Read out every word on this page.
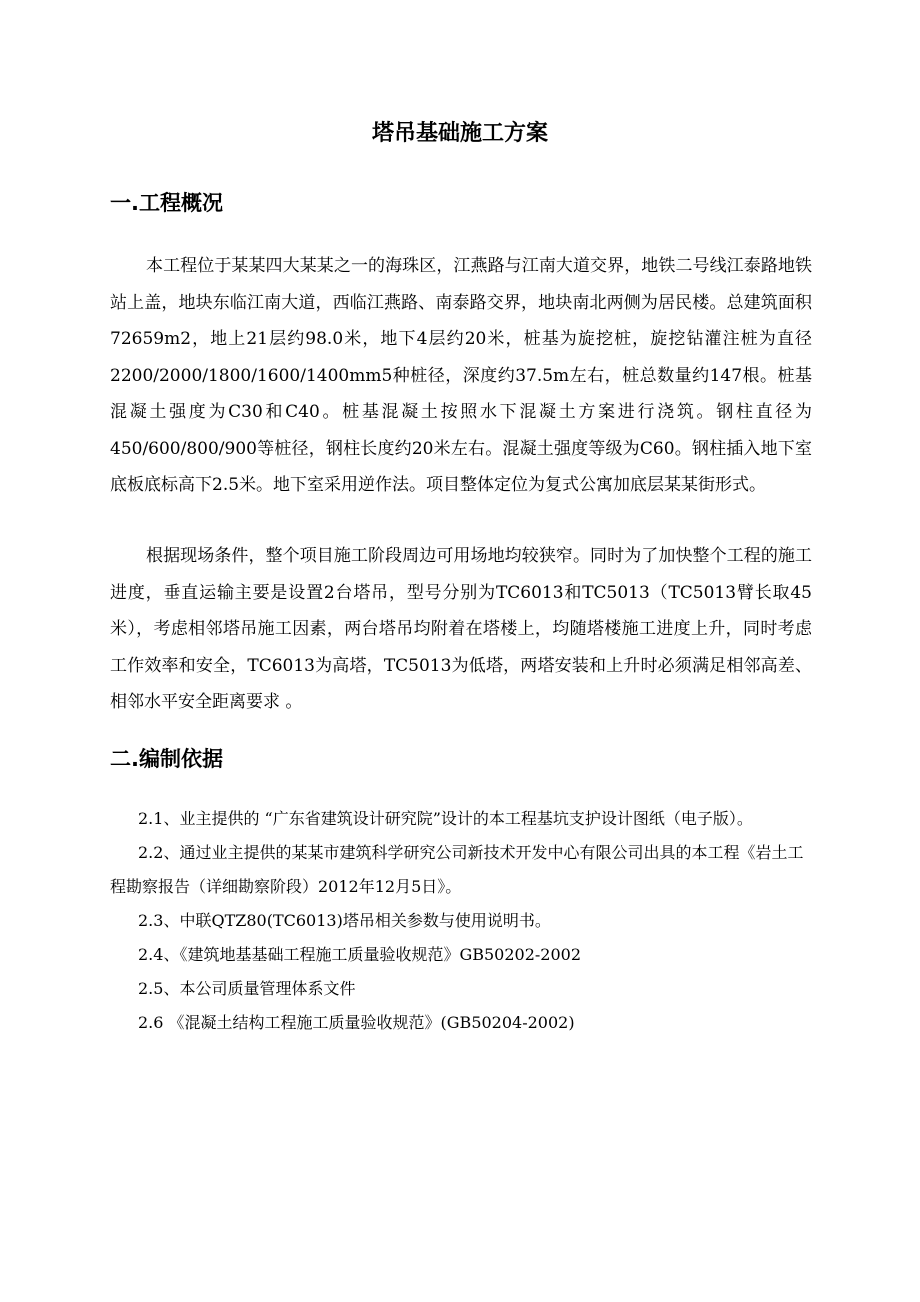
塔吊基础施工方案
一.工程概况

本工程位于某某四大某某之一的海珠区，江燕路与江南大道交界，地铁二号线江泰路地铁站上盖，地块东临江南大道，西临江燕路、南泰路交界，地块南北两侧为居民楼。总建筑面积72659m2，地上21层约98.0米，地下4层约20米，桩基为旋挖桩，旋挖钻灌注桩为直径2200/2000/1800/1600/1400mm5种桩径，深度约37.5m左右，桩总数量约147根。桩基混凝土强度为C30和C40。桩基混凝土按照水下混凝土方案进行浇筑。钢柱直径为450/600/800/900等桩径，钢柱长度约20米左右。混凝土强度等级为C60。钢柱插入地下室底板底标高下2.5米。地下室采用逆作法。项目整体定位为复式公寓加底层某某街形式。

根据现场条件，整个项目施工阶段周边可用场地均较狭窄。同时为了加快整个工程的施工进度，垂直运输主要是设置2台塔吊，型号分别为TC6013和TC5013（TC5013臂长取45米），考虑相邻塔吊施工因素，两台塔吊均附着在塔楼上，均随塔楼施工进度上升，同时考虑工作效率和安全，TC6013为高塔，TC5013为低塔，两塔安装和上升时必须满足相邻高差、相邻水平安全距离要求 。

二.编制依据
2.1、业主提供的 “广东省建筑设计研究院”设计的本工程基坑支护设计图纸（电子版）。
2.2、通过业主提供的某某市建筑科学研究公司新技术开发中心有限公司出具的本工程《岩土工程勘察报告（详细勘察阶段）2012年12月5日》。
2.3、中联QTZ80(TC6013)塔吊相关参数与使用说明书。
2.4、《建筑地基基础工程施工质量验收规范》GB50202-2002
2.5、本公司质量管理体系文件
2.6 《混凝土结构工程施工质量验收规范》(GB50204-2002)
